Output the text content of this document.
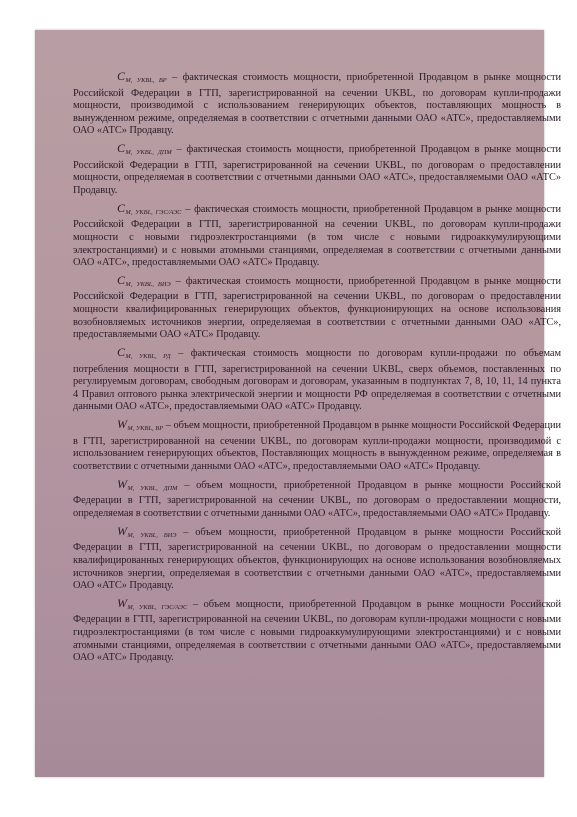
$C_{M, УКВL, ВР}$ – фактическая стоимость мощности, приобретенной Продавцом в рынке мощности Российской Федерации в ГТП, зарегистрированной на сечении UKBL, по договорам купли-продажи мощности, производимой с использованием генерирующих объектов, поставляющих мощность в вынужденном режиме, определяемая в соответствии с отчетными данными ОАО «АТС», предоставляемыми ОАО «АТС» Продавцу.

$C_{M, УКВL, ДПМ}$ – фактическая стоимость мощности, приобретенной Продавцом в рынке мощности Российской Федерации в ГТП, зарегистрированной на сечении UKBL, по договорам о предоставлении мощности, определяемая в соответствии с отчетными данными ОАО «АТС», предоставляемыми ОАО «АТС» Продавцу.

$C_{M, УКВL, ГЭС/АЭС}$ – фактическая стоимость мощности, приобретенной Продавцом в рынке мощности Российской Федерации в ГТП, зарегистрированной на сечении UKBL, по договорам купли-продажи мощности с новыми гидроэлектростанциями (в том числе с новыми гидроаккумулирующими электростанциями) и с новыми атомными станциями, определяемая в соответствии с отчетными данными ОАО «АТС», предоставляемыми ОАО «АТС» Продавцу.

$C_{M, УКВL, ВИЭ}$ – фактическая стоимость мощности, приобретенной Продавцом в рынке мощности Российской Федерации в ГТП, зарегистрированной на сечении UKBL, по договорам о предоставлении мощности квалифицированных генерирующих объектов, функционирующих на основе использования возобновляемых источников энергии, определяемая в соответствии с отчетными данными ОАО «АТС», предоставляемыми ОАО «АТС» Продавцу.

$C_{M, УКВL, РД}$ – фактическая стоимость мощности по договорам купли-продажи по объемам потребления мощности в ГТП, зарегистрированной на сечении UKBL, сверх объемов, поставленных по регулируемым договорам, свободным договорам и договорам, указанным в подпунктах 7, 8, 10, 11, 14 пункта 4 Правил оптового рынка электрической энергии и мощности РФ определяемая в соответствии с отчетными данными ОАО «АТС», предоставляемыми ОАО «АТС» Продавцу.

$W_{M, УКВL, ВР}$ – объем мощности, приобретенной Продавцом в рынке мощности Российской Федерации в ГТП, зарегистрированной на сечении UKBL, по договорам купли-продажи мощности, производимой с использованием генерирующих объектов, Поставляющих мощность в вынужденном режиме, определяемая в соответствии с отчетными данными ОАО «АТС», предоставляемыми ОАО «АТС» Продавцу.

$W_{M, УКВL, ДПМ}$ – объем мощности, приобретенной Продавцом в рынке мощности Российской Федерации в ГТП, зарегистрированной на сечении UKBL, по договорам о предоставлении мощности, определяемая в соответствии с отчетными данными ОАО «АТС», предоставляемыми ОАО «АТС» Продавцу.

$W_{M, УКВL, ВИЭ}$ – объем мощности, приобретенной Продавцом в рынке мощности Российской Федерации в ГТП, зарегистрированной на сечении UKBL, по договорам о предоставлении мощности квалифицированных генерирующих объектов, функционирующих на основе использования возобновляемых источников энергии, определяемая в соответствии с отчетными данными ОАО «АТС», предоставляемыми ОАО «АТС» Продавцу.

$W_{M, УКВL, ГЭС/АЭС}$ – объем мощности, приобретенной Продавцом в рынке мощности Российской Федерации в ГТП, зарегистрированной на сечении UKBL, по договорам купли-продажи мощности с новыми гидроэлектростанциями (в том числе с новыми гидроаккумулирующими электростанциями) и с новыми атомными станциями, определяемая в соответствии с отчетными данными ОАО «АТС», предоставляемыми ОАО «АТС» Продавцу.
